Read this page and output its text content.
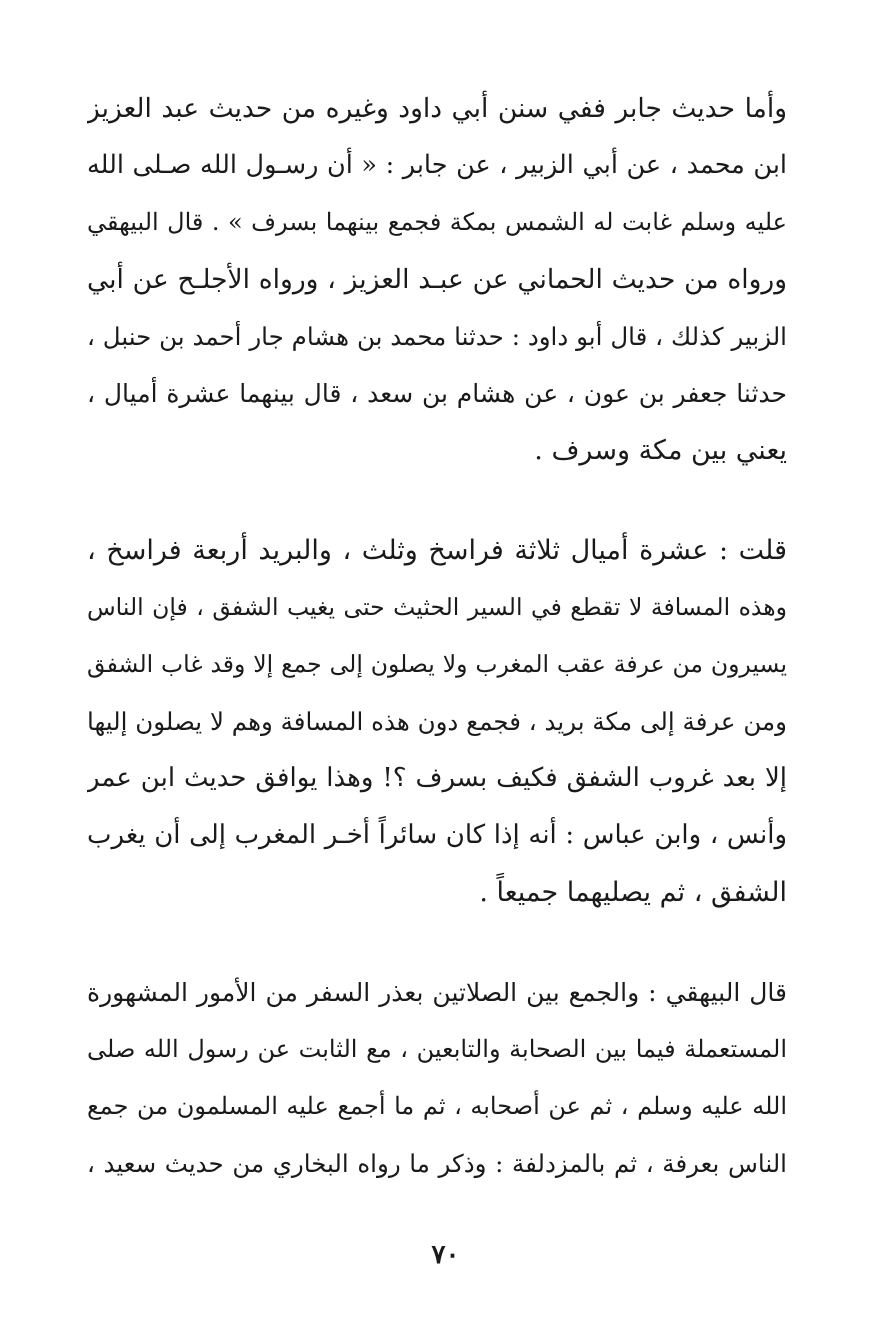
وأما حديث جابر ففي سنن أبي داود وغيره من حديث عبد العزيز
ابن محمد ، عن أبي الزبير ، عن جابر : « أن رسـول الله صـلى الله
عليه وسلم غابت له الشمس بمكة فجمع بينهما بسرف » . قال البيهقي
ورواه من حديث الحماني عن عبـد العزيز ، ورواه الأجلـح عن أبي
الزبير كذلك ، قال أبو داود : حدثنا محمد بن هشام جار أحمد بن حنبل ،
حدثنا جعفر بن عون ، عن هشام بن سعد ، قال بينهما عشرة أميال ،
يعني بين مكة وسرف .
قلت : عشرة أميال ثلاثة فراسخ وثلث ، والبريد أربعة فراسخ ،
وهذه المسافة لا تقطع في السير الحثيث حتى يغيب الشفق ، فإن الناس
يسيرون من عرفة عقب المغرب ولا يصلون إلى جمع إلا وقد غاب الشفق
ومن عرفة إلى مكة بريد ، فجمع دون هذه المسافة وهم لا يصلون إليها
إلا بعد غروب الشفق فكيف بسرف ؟! وهذا يوافق حديث ابن عمر
وأنس ، وابن عباس : أنه إذا كان سائراً أخـر المغرب إلى أن يغرب
الشفق ، ثم يصليهما جميعاً .
قال البيهقي : والجمع بين الصلاتين بعذر السفر من الأمور المشهورة
المستعملة فيما بين الصحابة والتابعين ، مع الثابت عن رسول الله صلى
الله عليه وسلم ، ثم عن أصحابه ، ثم ما أجمع عليه المسلمون من جمع
الناس بعرفة ، ثم بالمزدلفة : وذكر ما رواه البخاري من حديث سعيد ،
٧٠
